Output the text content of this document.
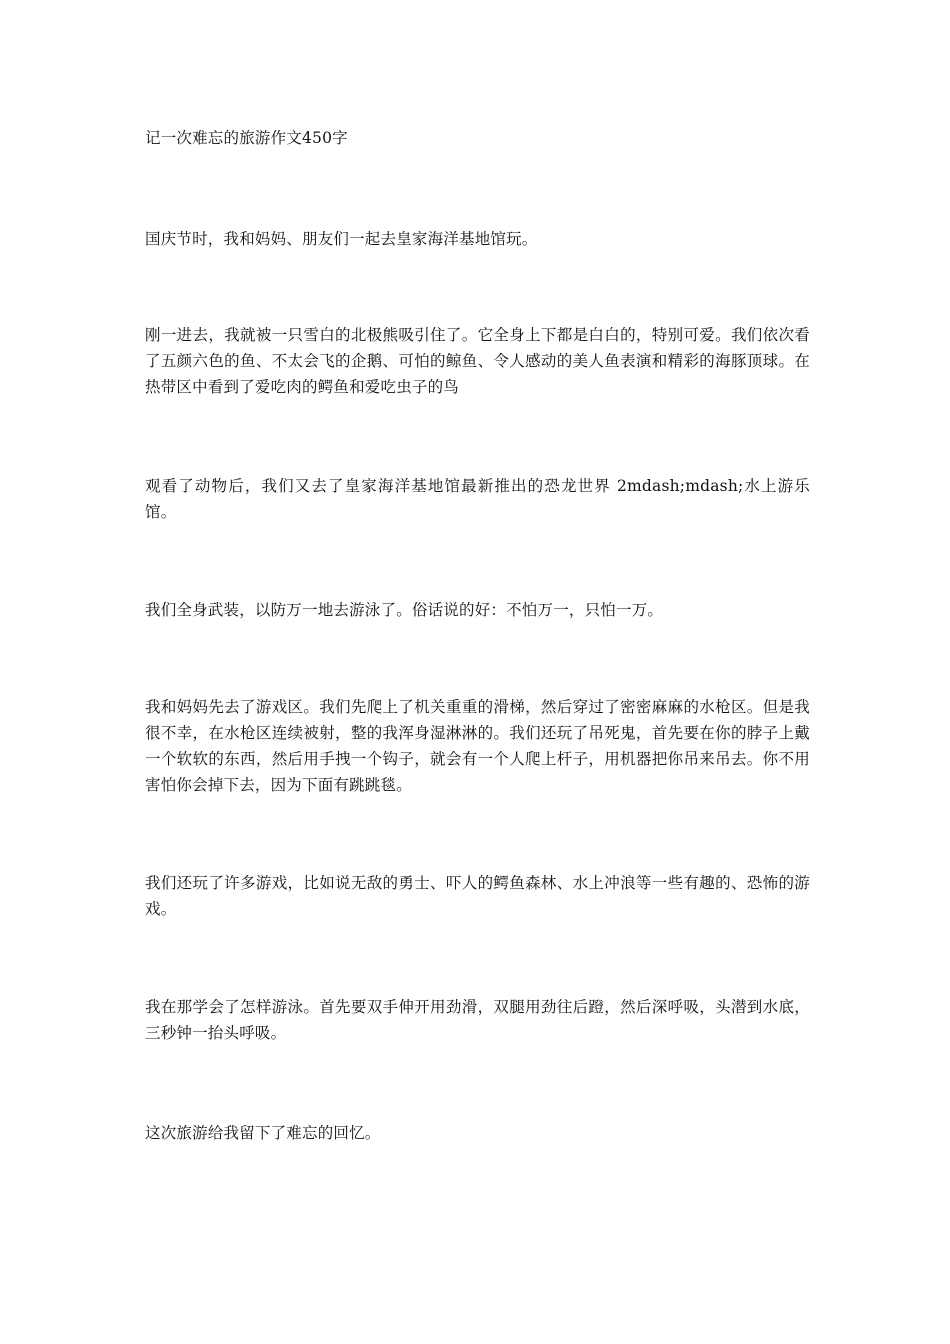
记一次难忘的旅游作文450字

国庆节时，我和妈妈、朋友们一起去皇家海洋基地馆玩。

刚一进去，我就被一只雪白的北极熊吸引住了。它全身上下都是白白的，特别可爱。我们依次看了五颜六色的鱼、不太会飞的企鹅、可怕的鲸鱼、令人感动的美人鱼表演和精彩的海豚顶球。在热带区中看到了爱吃肉的鳄鱼和爱吃虫子的鸟

观看了动物后，我们又去了皇家海洋基地馆最新推出的恐龙世界 2mdash;mdash;水上游乐馆。

我们全身武装，以防万一地去游泳了。俗话说的好：不怕万一，只怕一万。

我和妈妈先去了游戏区。我们先爬上了机关重重的滑梯，然后穿过了密密麻麻的水枪区。但是我很不幸，在水枪区连续被射，整的我浑身湿淋淋的。我们还玩了吊死鬼，首先要在你的脖子上戴一个软软的东西，然后用手拽一个钩子，就会有一个人爬上杆子，用机器把你吊来吊去。你不用害怕你会掉下去，因为下面有跳跳毯。

我们还玩了许多游戏，比如说无敌的勇士、吓人的鳄鱼森林、水上冲浪等一些有趣的、恐怖的游戏。

我在那学会了怎样游泳。首先要双手伸开用劲滑，双腿用劲往后蹬，然后深呼吸，头潜到水底，三秒钟一抬头呼吸。

这次旅游给我留下了难忘的回忆。
